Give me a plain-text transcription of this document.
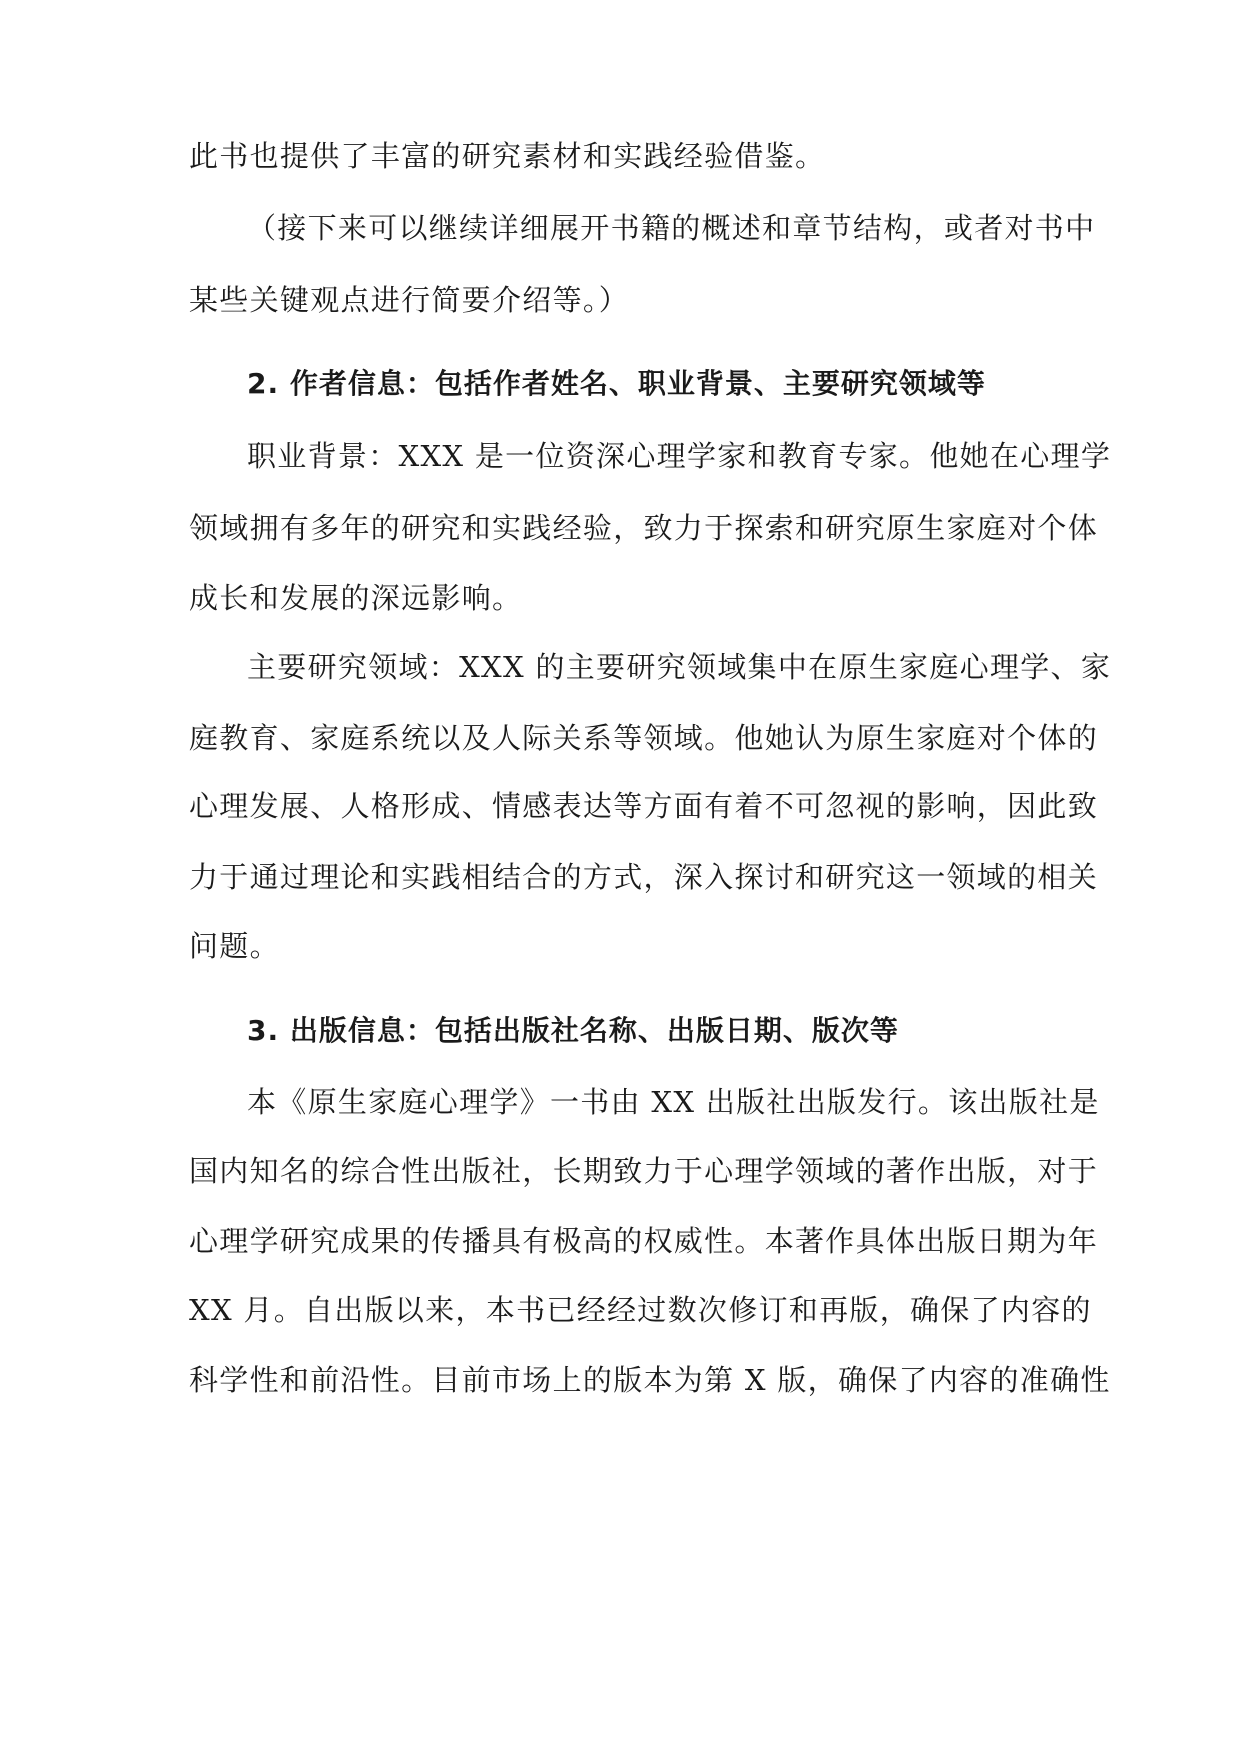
此书也提供了丰富的研究素材和实践经验借鉴。
（接下来可以继续详细展开书籍的概述和章节结构，或者对书中
某些关键观点进行简要介绍等。）
2. 作者信息：包括作者姓名、职业背景、主要研究领域等
职业背景：XXX 是一位资深心理学家和教育专家。他她在心理学
领域拥有多年的研究和实践经验，致力于探索和研究原生家庭对个体
成长和发展的深远影响。
主要研究领域：XXX 的主要研究领域集中在原生家庭心理学、家
庭教育、家庭系统以及人际关系等领域。他她认为原生家庭对个体的
心理发展、人格形成、情感表达等方面有着不可忽视的影响，因此致
力于通过理论和实践相结合的方式，深入探讨和研究这一领域的相关
问题。
3. 出版信息：包括出版社名称、出版日期、版次等
本《原生家庭心理学》一书由 XX 出版社出版发行。该出版社是
国内知名的综合性出版社，长期致力于心理学领域的著作出版，对于
心理学研究成果的传播具有极高的权威性。本著作具体出版日期为年
XX 月。自出版以来，本书已经经过数次修订和再版，确保了内容的
科学性和前沿性。目前市场上的版本为第 X 版，确保了内容的准确性
